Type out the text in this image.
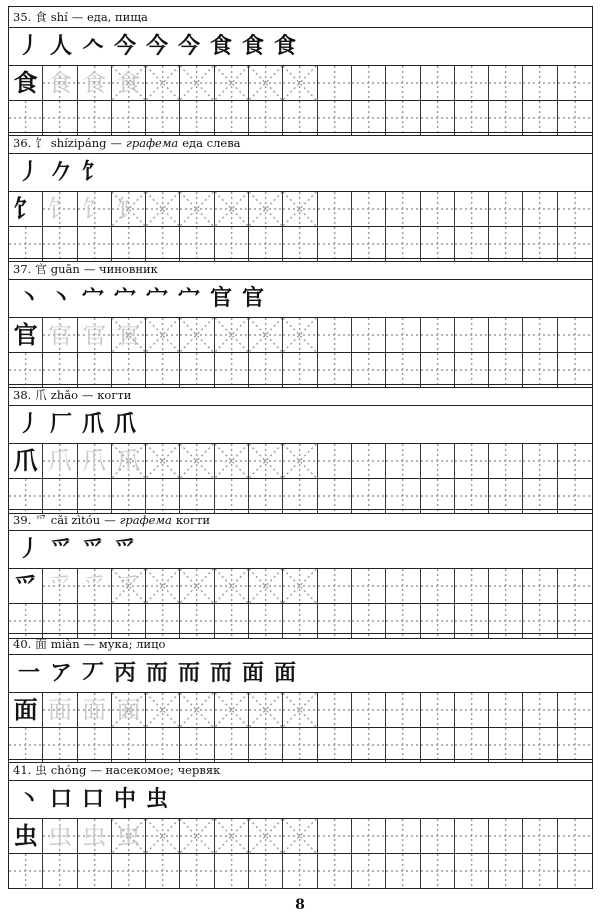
35. 食 shí — еда, пища
丿 人 𠆢 今 今 今 食 食 食
食 食 食 食
36. 饣 shízipáng — графема еда слева
丿 𠂊 饣
饣 饣 饣 饣
37. 官 guān — чиновник
丶 丶 宀 宀 宀 宀 官 官
官 官 官 官
38. 爪 zhǎo — когти
丿 厂 爪 爪
爪 爪 爪 爪
39. 爫 cǎi zìtóu — графема когти
丿 爫 爫 爫
爫 爫 爫 爫
40. 面 miàn — мука; лицо
一 ア 丆 丙 而 而 而 面 面
面 面 面 面
41. 虫 chóng — насекомое; червяк
丶 口 口 中 虫
虫 虫 虫 虫
8
